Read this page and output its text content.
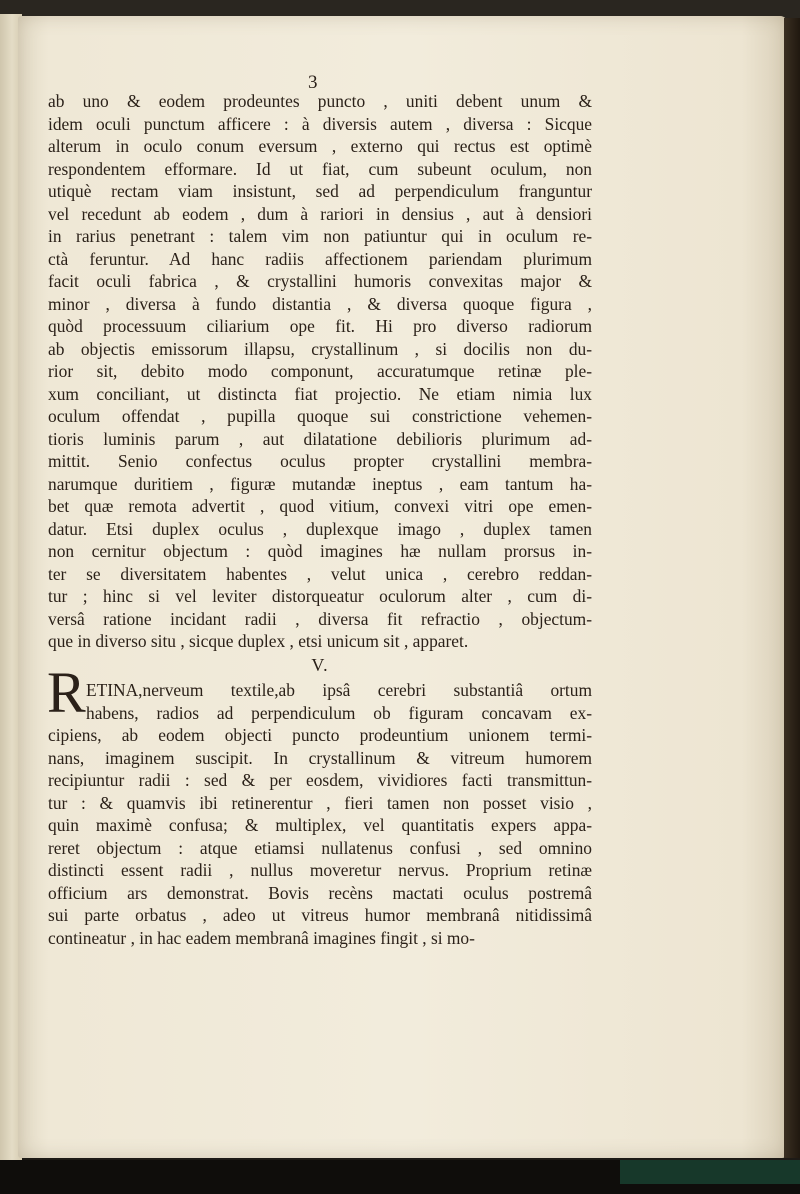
3
ab uno & eodem prodeuntes puncto , uniti debent unum &
idem oculi punctum afficere : à diversis autem , diversa : Sicque
alterum in oculo conum eversum , externo qui rectus est optimè
respondentem efformare. Id ut fiat, cum subeunt oculum, non
utiquè rectam viam insistunt, sed ad perpendiculum franguntur
vel recedunt ab eodem , dum à rariori in densius , aut à densiori
in rarius penetrant : talem vim non patiuntur qui in oculum re-
ctà feruntur. Ad hanc radiis affectionem pariendam plurimum
facit oculi fabrica , & crystallini humoris convexitas major &
minor , diversa à fundo distantia , & diversa quoque figura ,
quòd processuum ciliarium ope fit. Hi pro diverso radiorum
ab objectis emissorum illapsu, crystallinum , si docilis non du-
rior sit, debito modo componunt, accuratumque retinæ ple-
xum conciliant, ut distincta fiat projectio. Ne etiam nimia lux
oculum offendat , pupilla quoque sui constrictione vehemen-
tioris luminis parum , aut dilatatione debilioris plurimum ad-
mittit. Senio confectus oculus propter crystallini membra-
narumque duritiem , figuræ mutandæ ineptus , eam tantum ha-
bet quæ remota advertit , quod vitium, convexi vitri ope emen-
datur. Etsi duplex oculus , duplexque imago , duplex tamen
non cernitur objectum : quòd imagines hæ nullam prorsus in-
ter se diversitatem habentes , velut unica , cerebro reddan-
tur ; hinc si vel leviter distorqueatur oculorum alter , cum di-
versâ ratione incidant radii , diversa fit refractio , objectum-
que in diverso situ , sicque duplex , etsi unicum sit , apparet.
V.
R ETINA,nerveum textile,ab ipsâ cerebri substantiâ ortum
habens, radios ad perpendiculum ob figuram concavam ex-
cipiens, ab eodem objecti puncto prodeuntium unionem termi-
nans, imaginem suscipit. In crystallinum & vitreum humorem
recipiuntur radii : sed & per eosdem, vividiores facti transmittun-
tur : & quamvis ibi retinerentur , fieri tamen non posset visio ,
quin maximè confusa; & multiplex, vel quantitatis expers appa-
reret objectum : atque etiamsi nullatenus confusi , sed omnino
distincti essent radii , nullus moveretur nervus. Proprium retinæ
officium ars demonstrat. Bovis recèns mactati oculus postremâ
sui parte orbatus , adeo ut vitreus humor membranâ nitidissimâ
contineatur , in hac eadem membranâ imagines fingit , si mo-
